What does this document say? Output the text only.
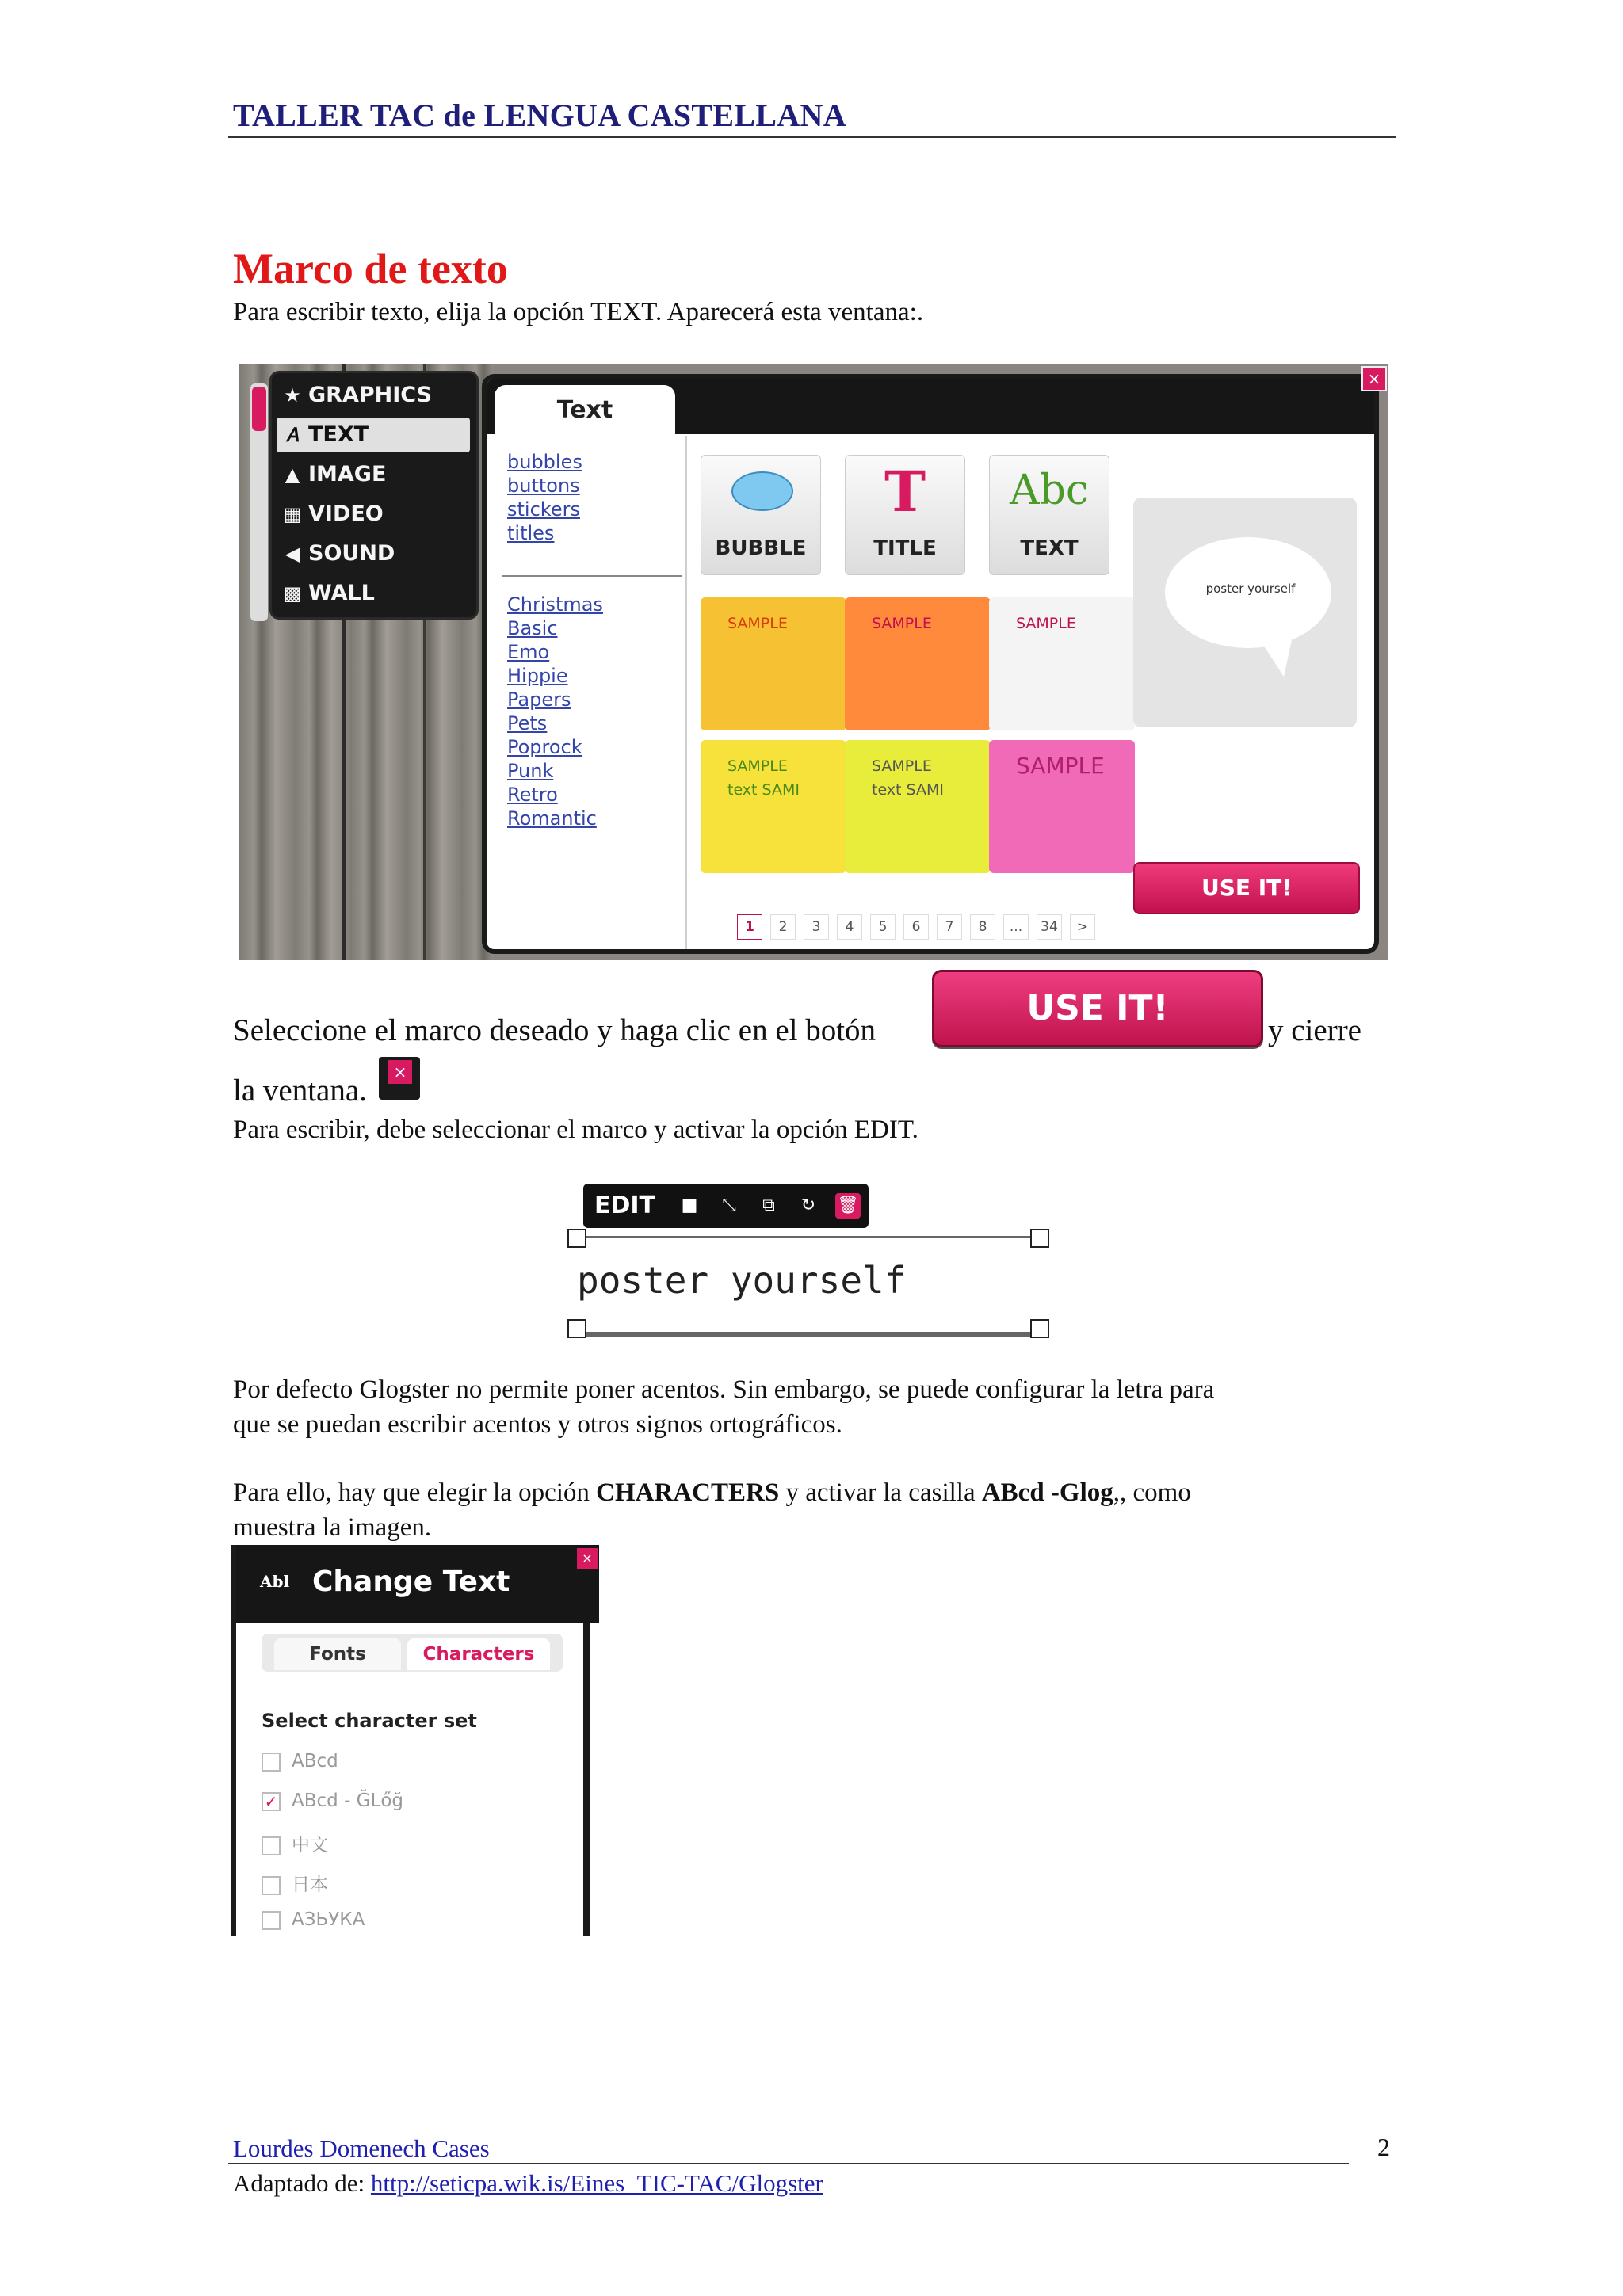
TALLER TAC de LENGUA CASTELLANA
Marco de texto
Para escribir texto, elija la opción TEXT. Aparecerá esta ventana:.
★ GRAPHICS
𝐴 TEXT
▲ IMAGE
▦ VIDEO
◀ SOUND
▩ WALL
Text
bubbles
buttons
stickers
titles
Christmas
Basic
Emo
Hippie
Papers
Pets
Poprock
Punk
Retro
Romantic
BUBBLE
T
TITLE
Abc
TEXT
SAMPLE	SAMPLE	SAMPLE
SAMPLE
text SAMI
SAMPLE
text SAMI
SAMPLE
poster yourself
USE IT!
1 2 3 4 5 6 7 8 ... 34 >
×
Seleccione el marco deseado y haga clic en el botón
USE IT!
y cierre
la ventana.
×
Para escribir, debe seleccionar el marco y activar la opción EDIT.
EDIT ■	⤡	⧉	↻	🗑
poster yourself
Por defecto Glogster no permite poner acentos. Sin embargo, se puede configurar la letra para
que se puedan escribir acentos y otros signos ortográficos.
Para ello, hay que elegir la opción CHARACTERS y activar la casilla ABcd -Glog,, como
muestra la imagen.
Abl Change Text
×
Fonts	Characters
Select character set
ABcd
✓ ABcd - ĞLőğ
中文
日本
АЗЬУКА
Lourdes Domenech Cases	2
Adaptado de: http://seticpa.wik.is/Eines_TIC-TAC/Glogster
